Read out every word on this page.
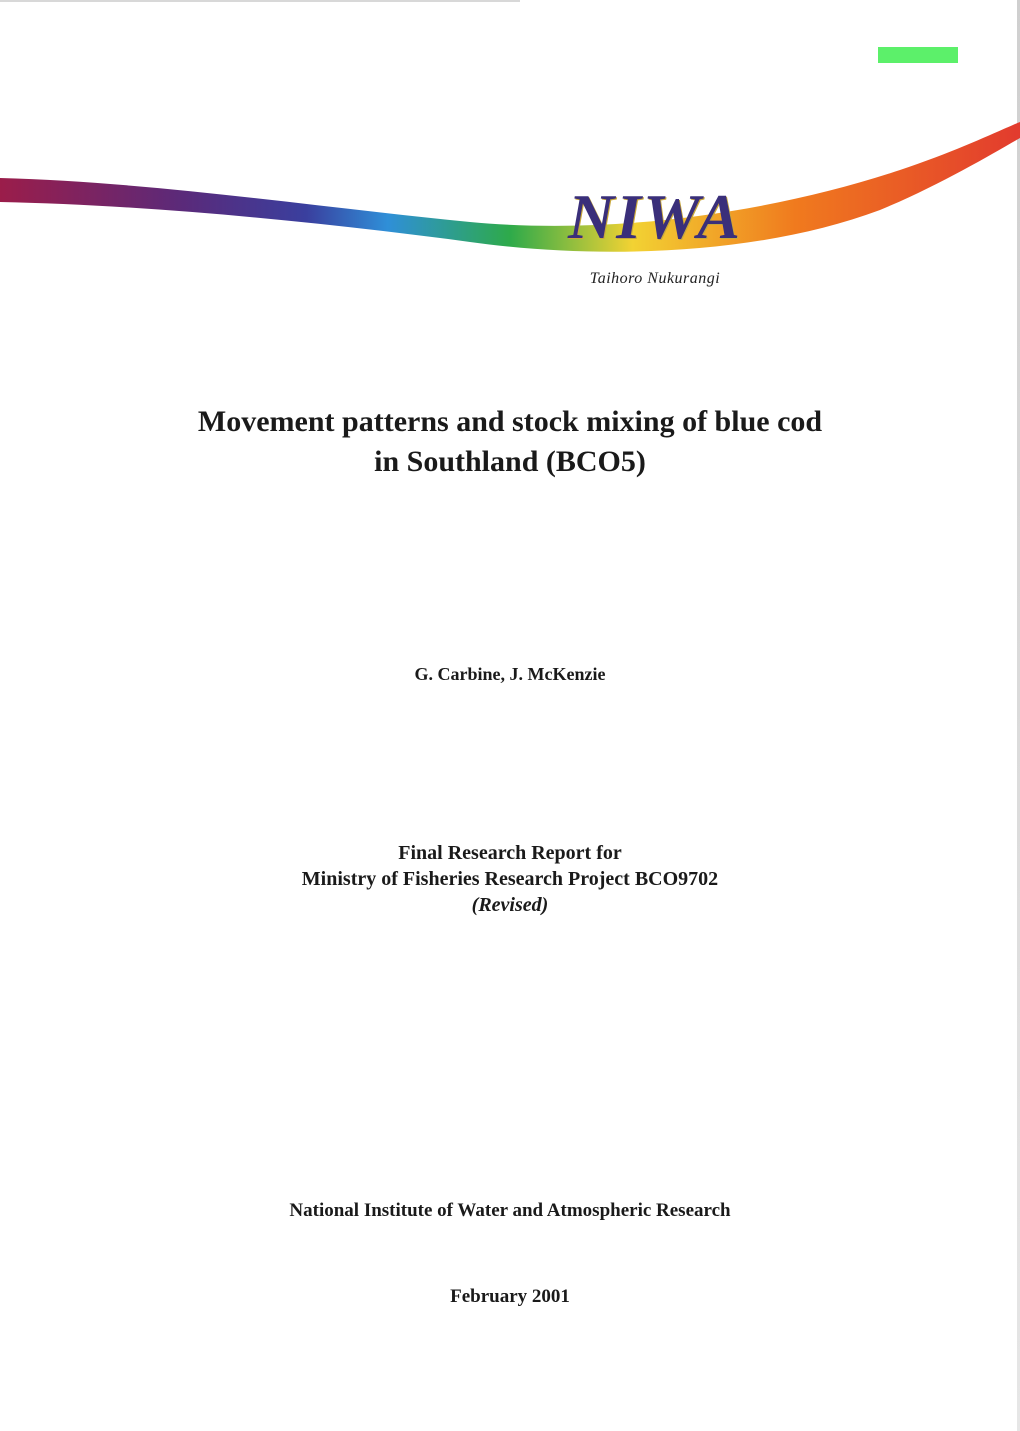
NIWA
Taihoro Nukurangi
Movement patterns and stock mixing of blue cod
in Southland (BCO5)
G. Carbine, J. McKenzie
Final Research Report for
Ministry of Fisheries Research Project BCO9702
(Revised)
National Institute of Water and Atmospheric Research
February 2001
